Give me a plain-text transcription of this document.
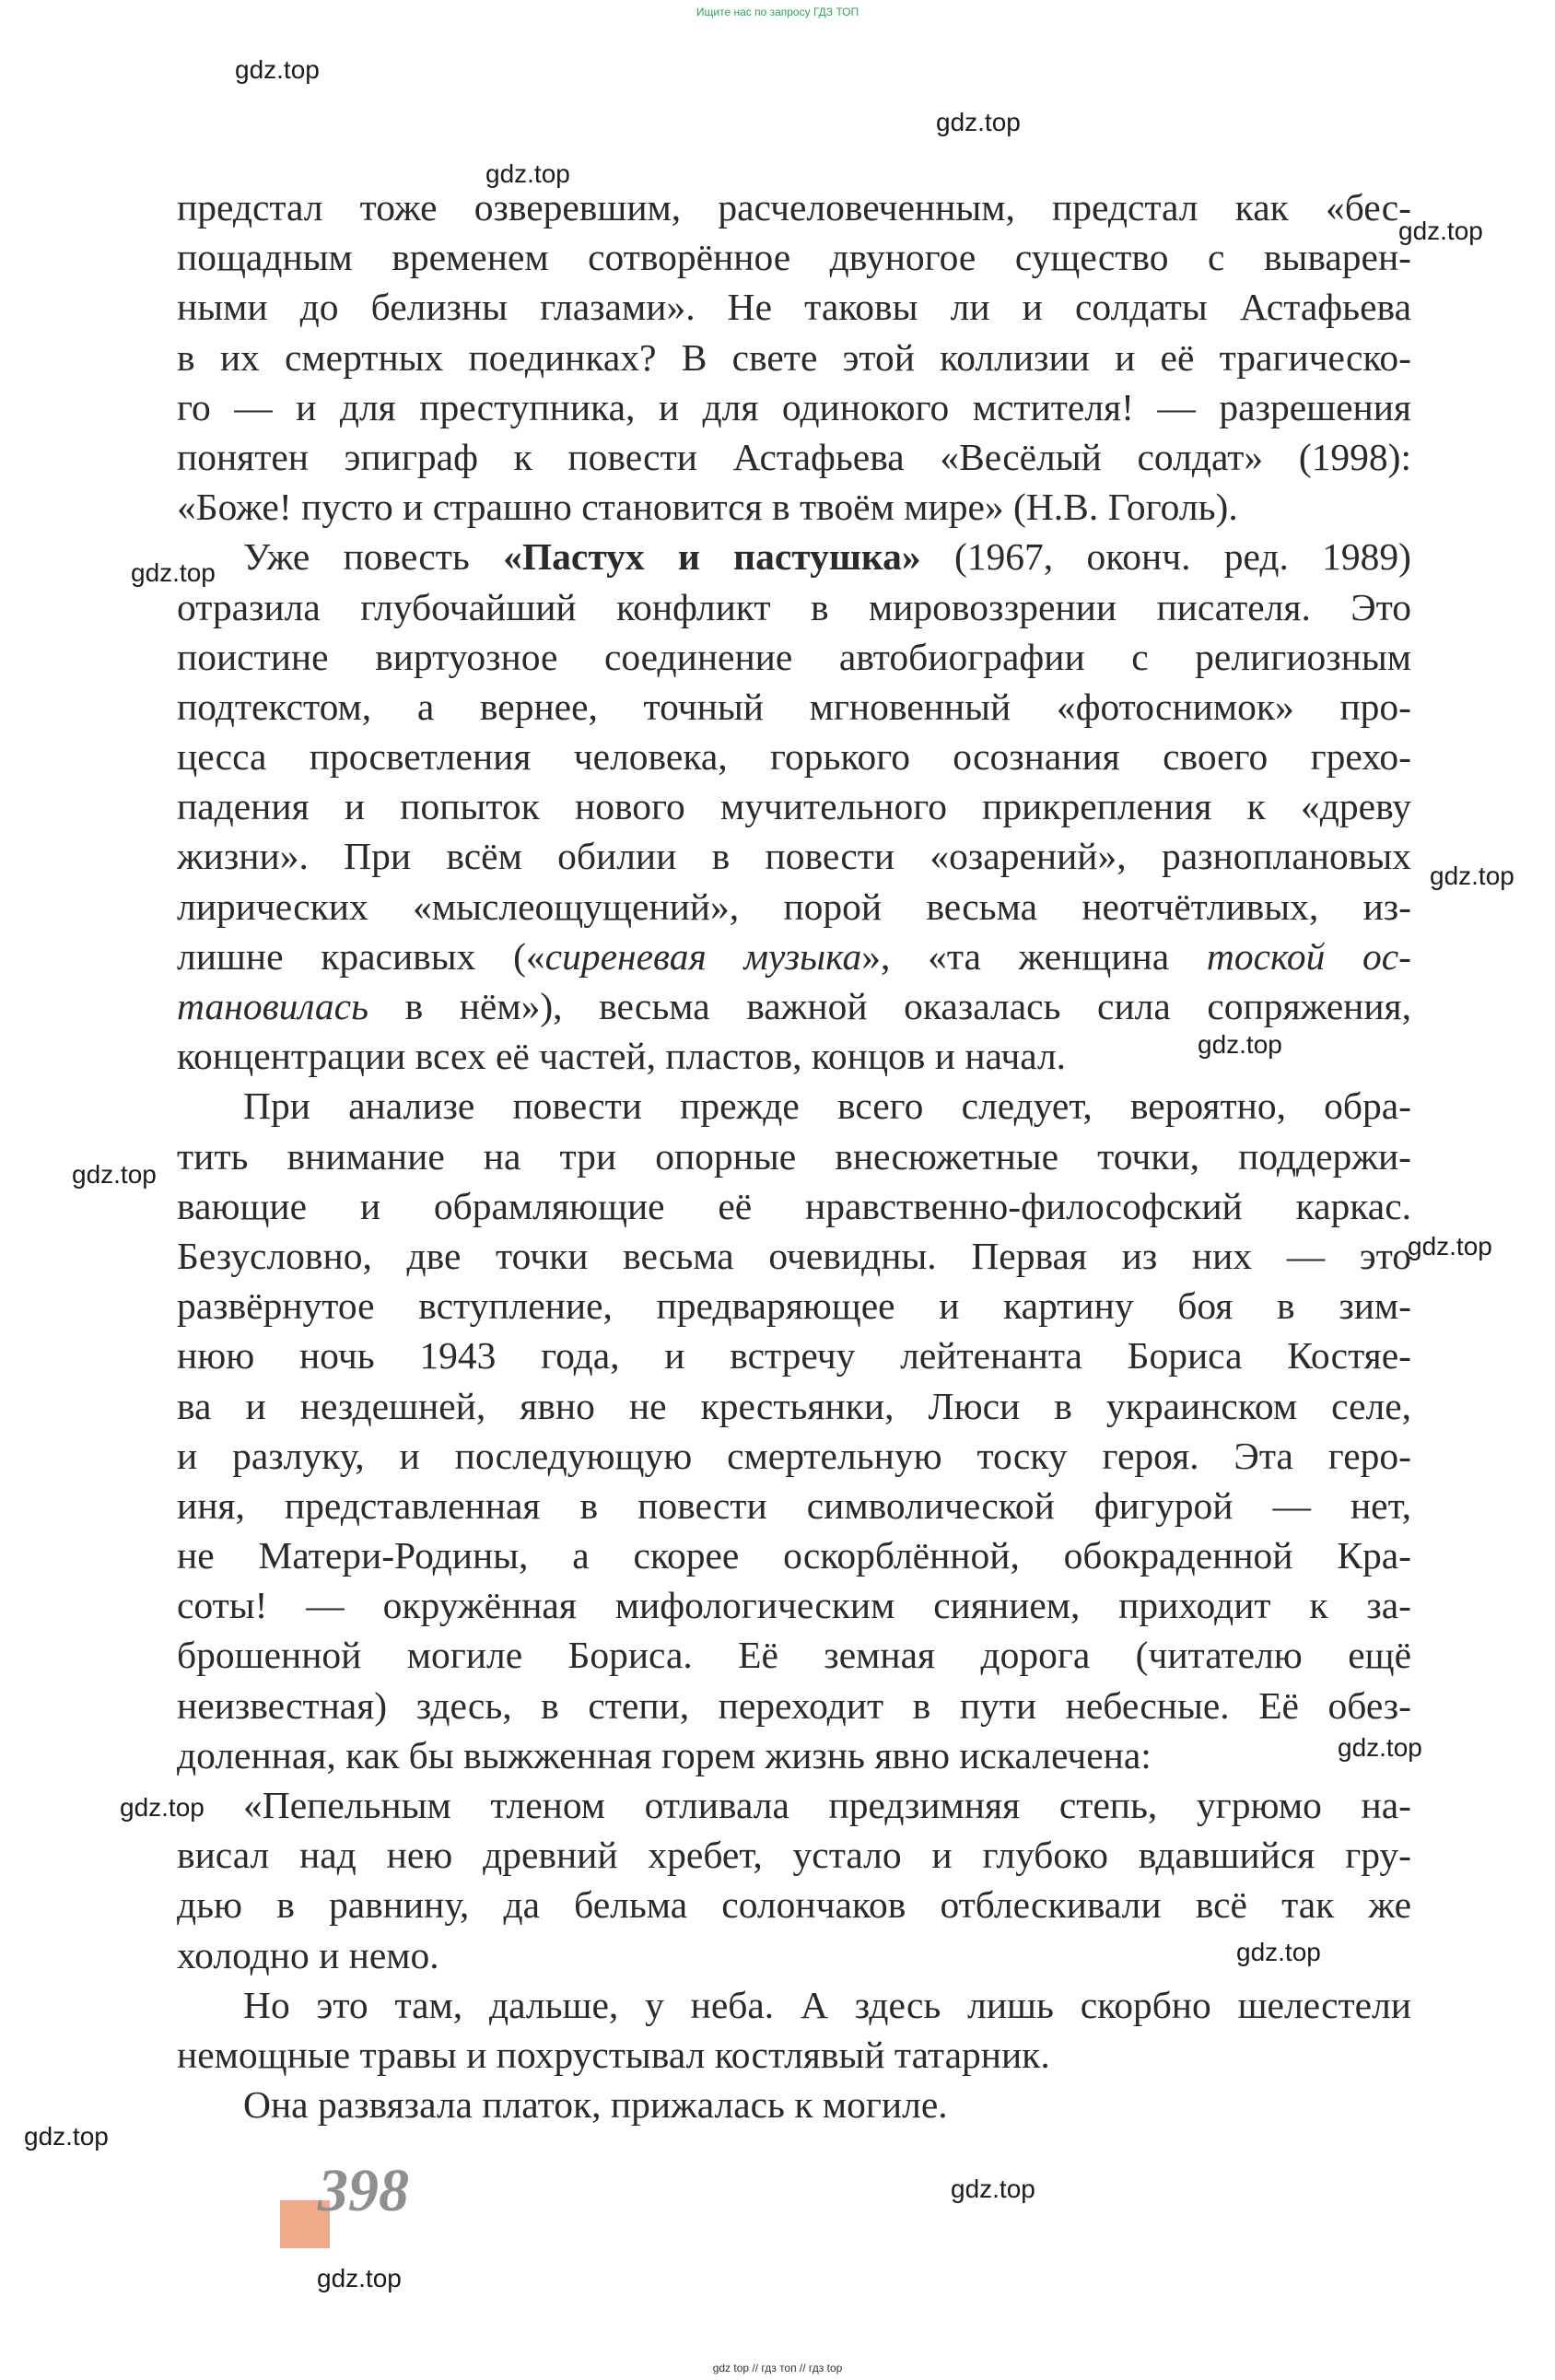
Ищите нас по запросу ГДЗ ТОП
gdz.top
gdz.top
gdz.top
gdz.top
gdz.top
gdz.top
gdz.top
gdz.top
gdz.top
gdz.top
gdz.top
gdz.top
gdz.top
gdz.top
gdz.top
предстал тоже озверевшим, расчеловеченным, предстал как «бес-
пощадным временем сотворённое двуногое существо с выварен-
ными до белизны глазами». Не таковы ли и солдаты Астафьева
в их смертных поединках? В свете этой коллизии и её трагическо-
го — и для преступника, и для одинокого мстителя! — разрешения
понятен эпиграф к повести Астафьева «Весёлый солдат» (1998):
«Боже! пусто и страшно становится в твоём мире» (Н.В. Гоголь).
Уже повесть «Пастух и пастушка» (1967, оконч. ред. 1989)
отразила глубочайший конфликт в мировоззрении писателя. Это
поистине виртуозное соединение автобиографии с религиозным
подтекстом, а вернее, точный мгновенный «фотоснимок» про-
цесса просветления человека, горького осознания своего грехо-
падения и попыток нового мучительного прикрепления к «древу
жизни». При всём обилии в повести «озарений», разноплановых
лирических «мыслеощущений», порой весьма неотчётливых, из-
лишне красивых («сиреневая музыка», «та женщина тоской ос-
тановилась в нём»), весьма важной оказалась сила сопряжения,
концентрации всех её частей, пластов, концов и начал.
При анализе повести прежде всего следует, вероятно, обра-
тить внимание на три опорные внесюжетные точки, поддержи-
вающие и обрамляющие её нравственно-философский каркас.
Безусловно, две точки весьма очевидны. Первая из них — это
развёрнутое вступление, предваряющее и картину боя в зим-
нюю ночь 1943 года, и встречу лейтенанта Бориса Костяе-
ва и нездешней, явно не крестьянки, Люси в украинском селе,
и разлуку, и последующую смертельную тоску героя. Эта геро-
иня, представленная в повести символической фигурой — нет,
не Матери-Родины, а скорее оскорблённой, обокраденной Кра-
соты! — окружённая мифологическим сиянием, приходит к за-
брошенной могиле Бориса. Её земная дорога (читателю ещё
неизвестная) здесь, в степи, переходит в пути небесные. Её обез-
доленная, как бы выжженная горем жизнь явно искалечена:
«Пепельным тленом отливала предзимняя степь, угрюмо на-
висал над нею древний хребет, устало и глубоко вдавшийся гру-
дью в равнину, да бельма солончаков отблескивали всё так же
холодно и немо.
Но это там, дальше, у неба. А здесь лишь скорбно шелестели
немощные травы и похрустывал костлявый татарник.
Она развязала платок, прижалась к могиле.
398
gdz top // гдз топ // гдз top
